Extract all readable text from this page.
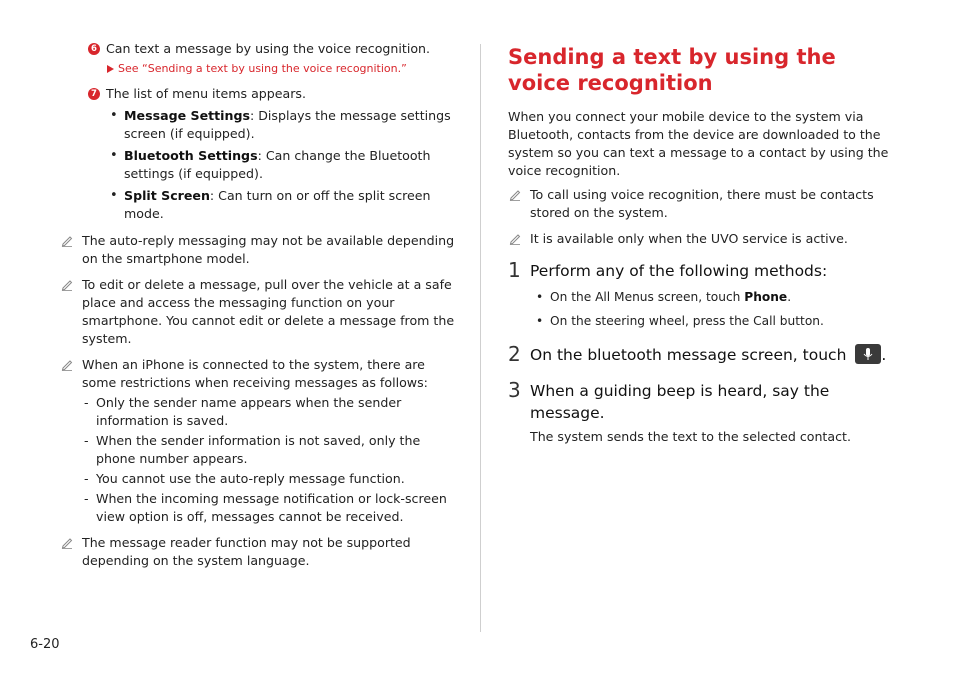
6 Can text a message by using the voice recognition.
See “Sending a text by using the voice recognition.”
7 The list of menu items appears.
• Message Settings: Displays the message settings screen (if equipped).
• Bluetooth Settings: Can change the Bluetooth settings (if equipped).
• Split Screen: Can turn on or off the split screen mode.
The auto-reply messaging may not be available depending on the smartphone model.
To edit or delete a message, pull over the vehicle at a safe place and access the messaging function on your smartphone. You cannot edit or delete a message from the system.
When an iPhone is connected to the system, there are some restrictions when receiving messages as follows:
- Only the sender name appears when the sender information is saved.
- When the sender information is not saved, only the phone number appears.
- You cannot use the auto-reply message function.
- When the incoming message notification or lock-screen view option is off, messages cannot be received.
The message reader function may not be supported depending on the system language.
Sending a text by using the voice recognition
When you connect your mobile device to the system via Bluetooth, contacts from the device are downloaded to the system so you can text a message to a contact by using the voice recognition.
To call using voice recognition, there must be contacts stored on the system.
It is available only when the UVO service is active.
1 Perform any of the following methods:
• On the All Menus screen, touch Phone.
• On the steering wheel, press the Call button.
2 On the bluetooth message screen, touch .
3 When a guiding beep is heard, say the message.
The system sends the text to the selected contact.
6-20
